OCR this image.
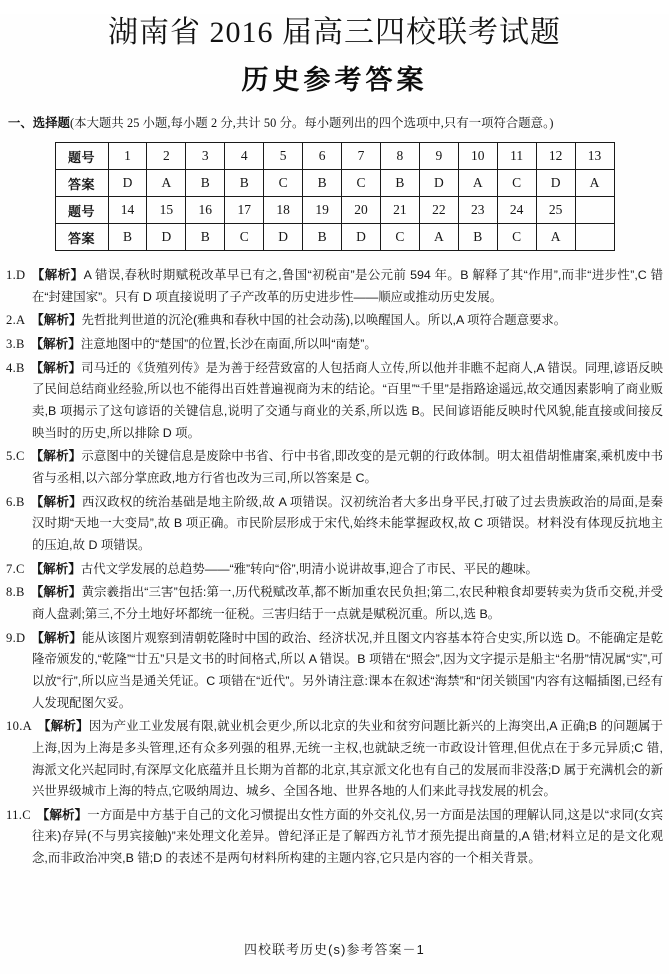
湖南省 2016 届高三四校联考试题
历史参考答案
一、选择题(本大题共 25 小题,每小题 2 分,共计 50 分。每小题列出的四个选项中,只有一项符合题意。)
题号	1	2	3	4	5	6	7	8	9	10	11	12	13
答案	D	A	B	B	C	B	C	B	D	A	C	D	A
题号	14	15	16	17	18	19	20	21	22	23	24	25	
答案	B	D	B	C	D	B	D	C	A	B	C	A	

1.D 【解析】A 错误,春秋时期赋税改革早已有之,鲁国“初税亩”是公元前 594 年。B 解释了其“作用”,而非“进步性”,C 错在“封建国家”。只有 D 项直接说明了子产改革的历史进步性——顺应或推动历史发展。

2.A 【解析】先哲批判世道的沉沦(雅典和春秋中国的社会动荡),以唤醒国人。所以,A 项符合题意要求。

3.B 【解析】注意地图中的“楚国”的位置,长沙在南面,所以叫“南楚”。

4.B 【解析】司马迁的《货殖列传》是为善于经营致富的人包括商人立传,所以他并非瞧不起商人,A 错误。同理,谚语反映了民间总结商业经验,所以也不能得出百姓普遍视商为末的结论。“百里”“千里”是指路途遥远,故交通因素影响了商业贩卖,B 项揭示了这句谚语的关键信息,说明了交通与商业的关系,所以选 B。民间谚语能反映时代风貌,能直接或间接反映当时的历史,所以排除 D 项。

5.C 【解析】示意图中的关键信息是废除中书省、行中书省,即改变的是元朝的行政体制。明太祖借胡惟庸案,乘机废中书省与丞相,以六部分掌庶政,地方行省也改为三司,所以答案是 C。

6.B 【解析】西汉政权的统治基础是地主阶级,故 A 项错误。汉初统治者大多出身平民,打破了过去贵族政治的局面,是秦汉时期“天地一大变局”,故 B 项正确。市民阶层形成于宋代,始终未能掌握政权,故 C 项错误。材料没有体现反抗地主的压迫,故 D 项错误。

7.C 【解析】古代文学发展的总趋势——“雅”转向“俗”,明清小说讲故事,迎合了市民、平民的趣味。

8.B 【解析】黄宗羲指出“三害”包括:第一,历代税赋改革,都不断加重农民负担;第二,农民种粮食却要转卖为货币交税,并受商人盘剥;第三,不分土地好坏都统一征税。三害归结于一点就是赋税沉重。所以,选 B。

9.D 【解析】能从该图片观察到清朝乾隆时中国的政治、经济状况,并且图文内容基本符合史实,所以选 D。不能确定是乾隆帝颁发的,“乾隆”“廿五”只是文书的时间格式,所以 A 错误。B 项错在“照会”,因为文字提示是船主“名册”情况属“实”,可以放“行”,所以应当是通关凭证。C 项错在“近代”。另外请注意:课本在叙述“海禁”和“闭关锁国”内容有这幅插图,已经有人发现配图欠妥。

10.A 【解析】因为产业工业发展有限,就业机会更少,所以北京的失业和贫穷问题比新兴的上海突出,A 正确;B 的问题属于上海,因为上海是多头管理,还有众多列强的租界,无统一主权,也就缺乏统一市政设计管理,但优点在于多元异质;C 错,海派文化兴起同时,有深厚文化底蕴并且长期为首都的北京,其京派文化也有自己的发展而非没落;D 属于充满机会的新兴世界级城市上海的特点,它吸纳周边、城乡、全国各地、世界各地的人们来此寻找发展的机会。

11.C 【解析】一方面是中方基于自己的文化习惯提出女性方面的外交礼仪,另一方面是法国的理解认同,这是以“求同(女宾往来)存异(不与男宾接触)”来处理文化差异。曾纪泽正是了解西方礼节才预先提出商量的,A 错;材料立足的是文化观念,而非政治冲突,B 错;D 的表述不是两句材料所构建的主题内容,它只是内容的一个相关背景。

四校联考历史(s)参考答案－1
